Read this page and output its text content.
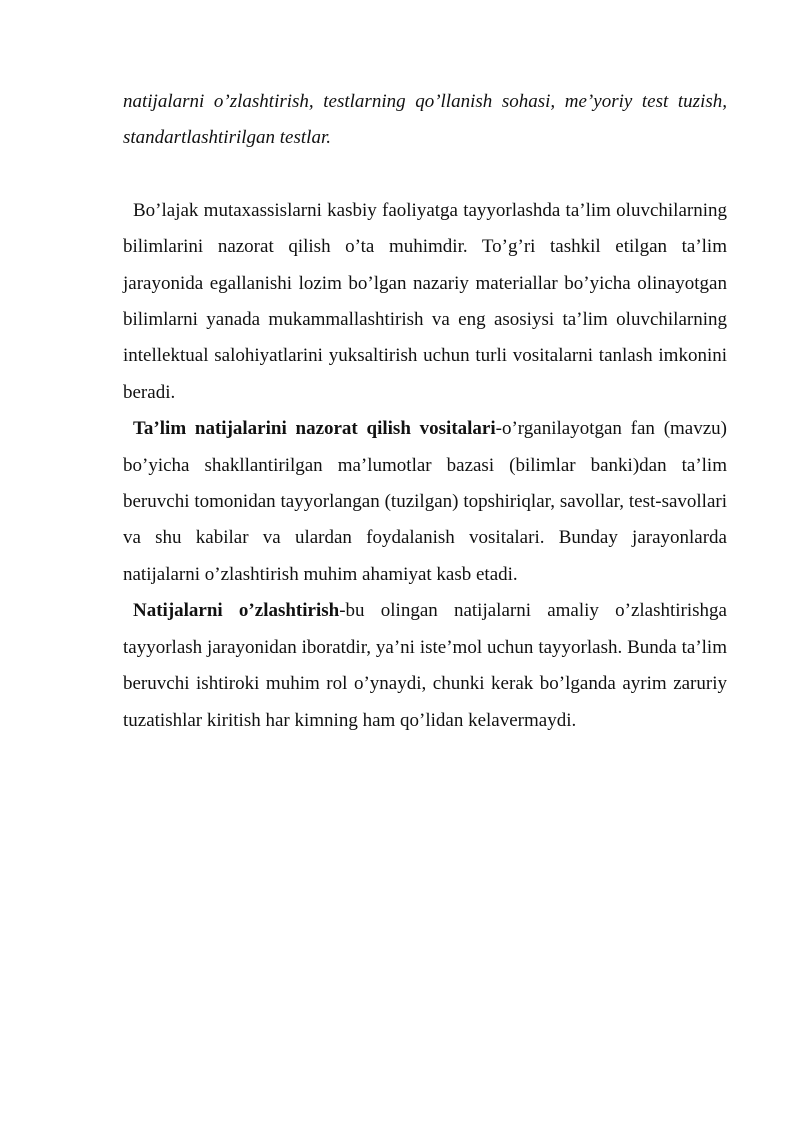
natijalarni o’zlashtirish, testlarning qo’llanish sohasi, me’yoriy test tuzish, standartlashtirilgan testlar.

Bo’lajak mutaxassislarni kasbiy faoliyatga tayyorlashda ta’lim oluvchilarning bilimlarini nazorat qilish o’ta muhimdir. To’g’ri tashkil etilgan ta’lim jarayonida egallanishi lozim bo’lgan nazariy materiallar bo’yicha olinayotgan bilimlarni yanada mukammallashtirish va eng asosiysi ta’lim oluvchilarning intellektual salohiyatlarini yuksaltirish uchun turli vositalarni tanlash imkonini beradi.

Ta’lim natijalarini nazorat qilish vositalari-o’rganilayotgan fan (mavzu) bo’yicha shakllantirilgan ma’lumotlar bazasi (bilimlar banki)dan ta’lim beruvchi tomonidan tayyorlangan (tuzilgan) topshiriqlar, savollar, test-savollari va shu kabilar va ulardan foydalanish vositalari. Bunday jarayonlarda natijalarni o’zlashtirish muhim ahamiyat kasb etadi.

Natijalarni o’zlashtirish-bu olingan natijalarni amaliy o’zlashtirishga tayyorlash jarayonidan iboratdir, ya’ni iste’mol uchun tayyorlash. Bunda ta’lim beruvchi ishtiroki muhim rol o’ynaydi, chunki kerak bo’lganda ayrim zaruriy tuzatishlar kiritish har kimning ham qo’lidan kelavermaydi.
